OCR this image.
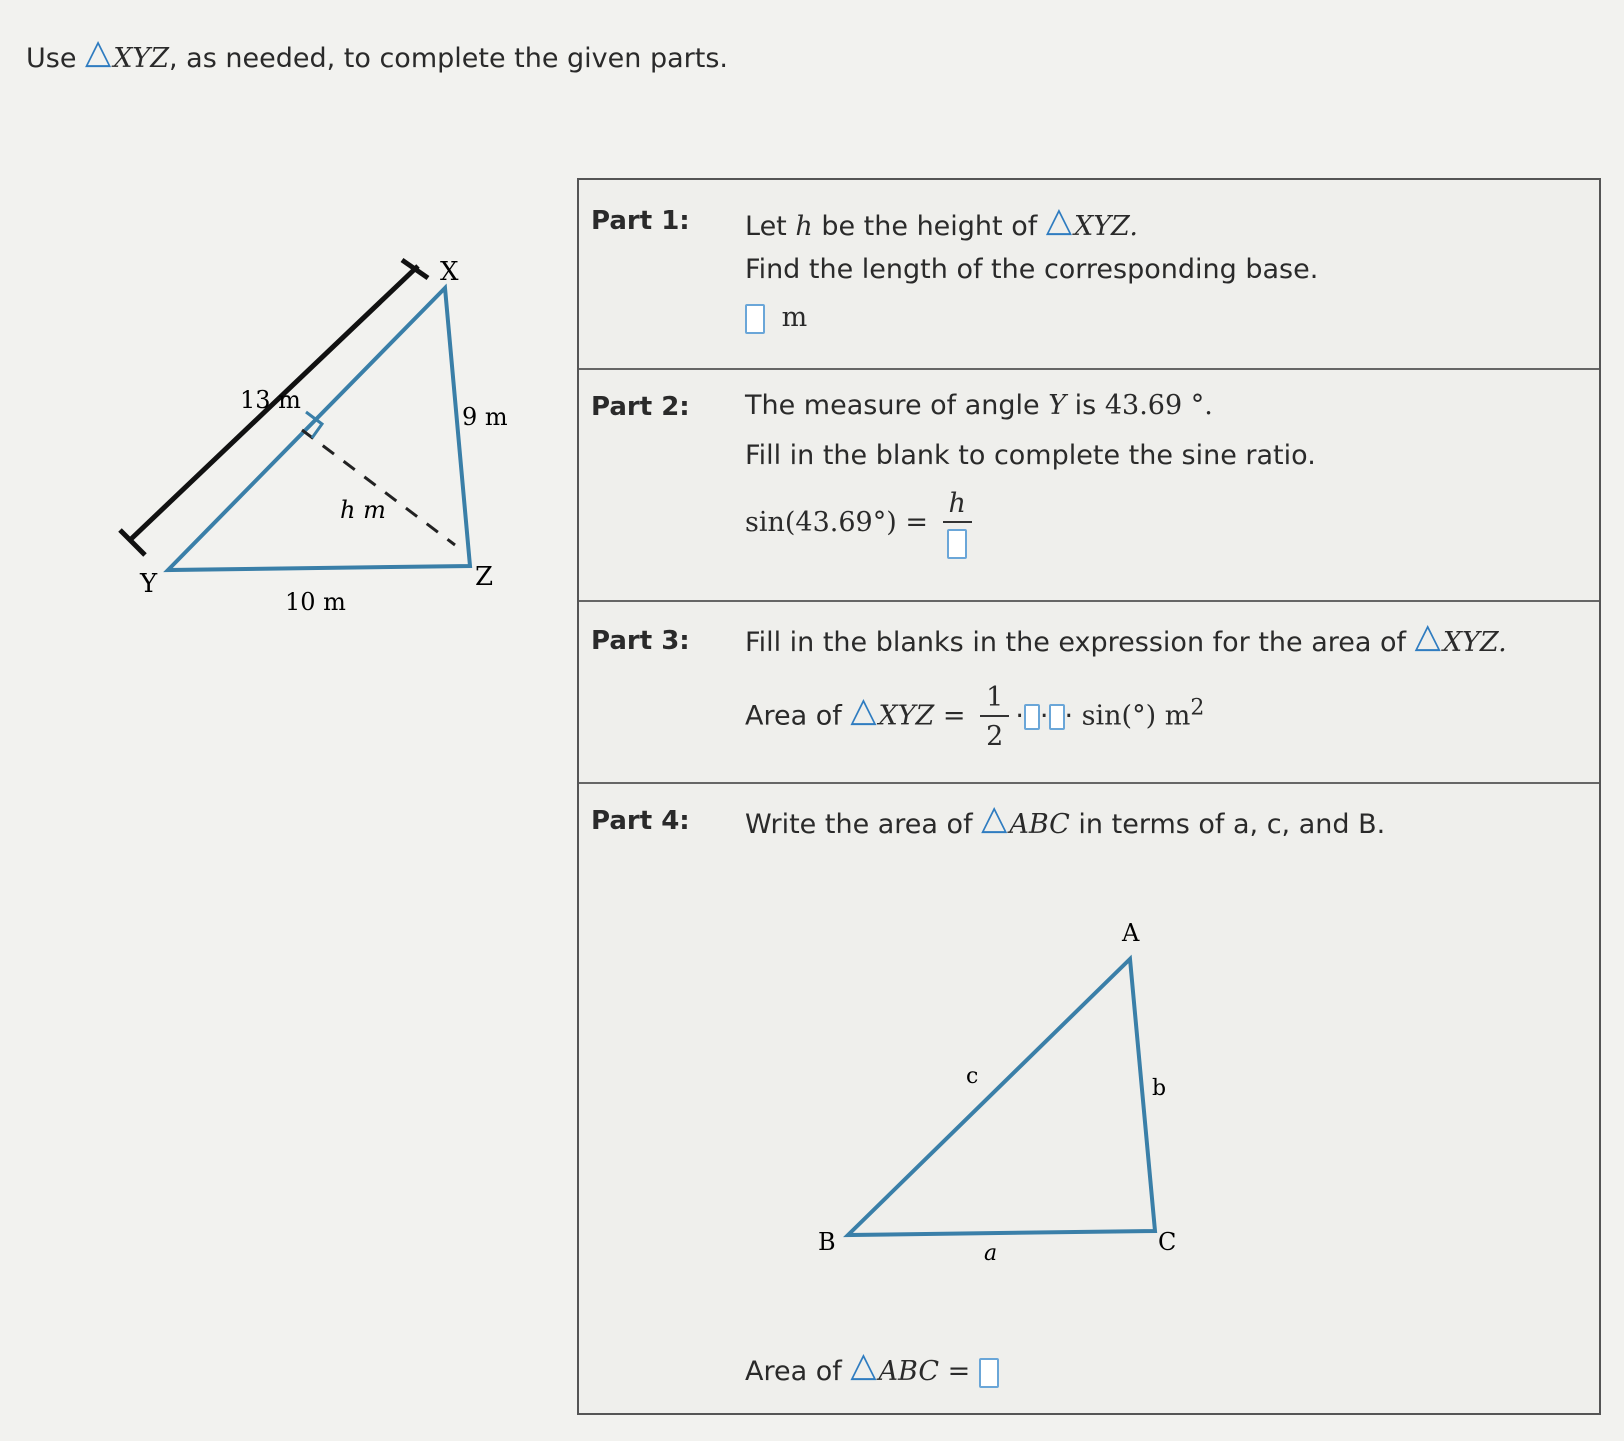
Use △XYZ, as needed, to complete the given parts.
X
Y	Z
13 m
9 m
10 m
h m
Part 1: Let h be the height of △XYZ.
Find the length of the corresponding base.
m
Part 2: The measure of angle Y is 43.69 °.
Fill in the blank to complete the sine ratio.
sin(43.69°) =
h
Part 3: Fill in the blanks in the expression for the area of △XYZ.
Area of △XYZ = $\frac{1}{2}$ · · · sin(°) $m^2$
Part 4: Write the area of △ABC in terms of a, c, and B.
Area of △ABC =
A
B	C
a
b
c
